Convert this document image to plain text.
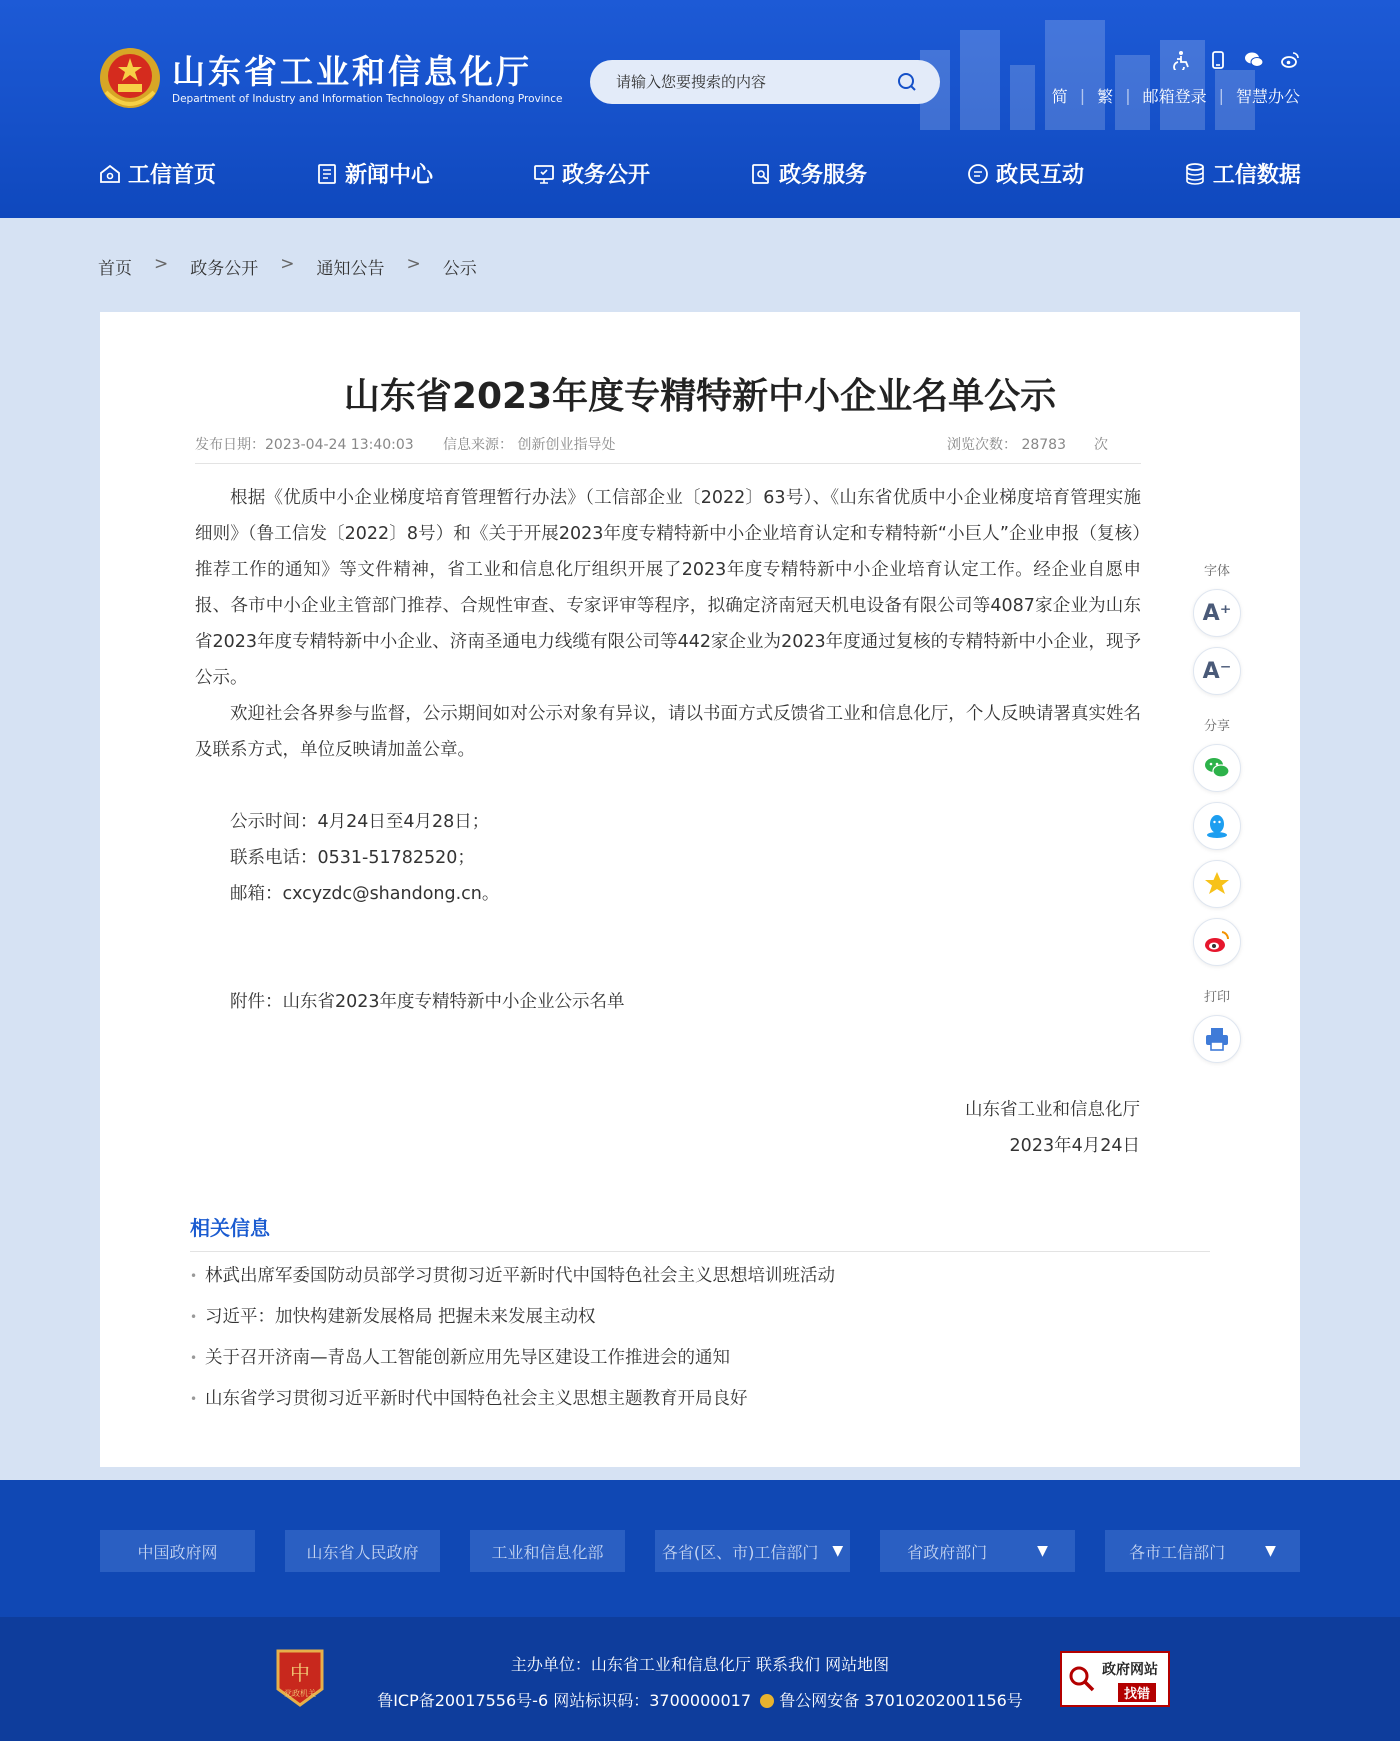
山东省工业和信息化厅
Department of Industry and Information Technology of Shandong Province
请输入您要搜索的内容	简 | 繁 | 邮箱登录 | 智慧办公
工信首页	新闻中心	政务公开	政务服务	政民互动	工信数据
首页 > 政务公开 > 通知公告 > 公示
山东省2023年度专精特新中小企业名单公示
发布日期：2023-04-24 13:40:03 信息来源： 创新创业指导处	浏览次数： 28783　　次

根据《优质中小企业梯度培育管理暂行办法》（工信部企业〔2022〕63号）、《山东省优质中小企业梯度培育管理实施细则》（鲁工信发〔2022〕8号）和《关于开展2023年度专精特新中小企业培育认定和专精特新“小巨人”企业申报（复核）推荐工作的通知》等文件精神，省工业和信息化厅组织开展了2023年度专精特新中小企业培育认定工作。经企业自愿申报、各市中小企业主管部门推荐、合规性审查、专家评审等程序，拟确定济南冠天机电设备有限公司等4087家企业为山东省2023年度专精特新中小企业、济南圣通电力线缆有限公司等442家企业为2023年度通过复核的专精特新中小企业，现予公示。

欢迎社会各界参与监督，公示期间如对公示对象有异议，请以书面方式反馈省工业和信息化厅，个人反映请署真实姓名及联系方式，单位反映请加盖公章。

公示时间：4月24日至4月28日；

联系电话：0531-51782520；

邮箱：cxcyzdc@shandong.cn。

附件：山东省2023年度专精特新中小企业公示名单

山东省工业和信息化厅
2023年4月24日
相关信息
• 林武出席军委国防动员部学习贯彻习近平新时代中国特色社会主义思想培训班活动
• 习近平：加快构建新发展格局 把握未来发展主动权
• 关于召开济南—青岛人工智能创新应用先导区建设工作推进会的通知
• 山东省学习贯彻习近平新时代中国特色社会主义思想主题教育开局良好
字体
A⁺
A⁻
分享
打印
中国政府网	山东省人民政府	工业和信息化部	各省(区、市)工信部门 ▼	省政府部门	▼	各市工信部门	▼
中
党政机关
主办单位：山东省工业和信息化厅 联系我们 网站地图
鲁ICP备20017556号-6 网站标识码：3700000017 鲁公网安备 37010202001156号
政府网站
找错
